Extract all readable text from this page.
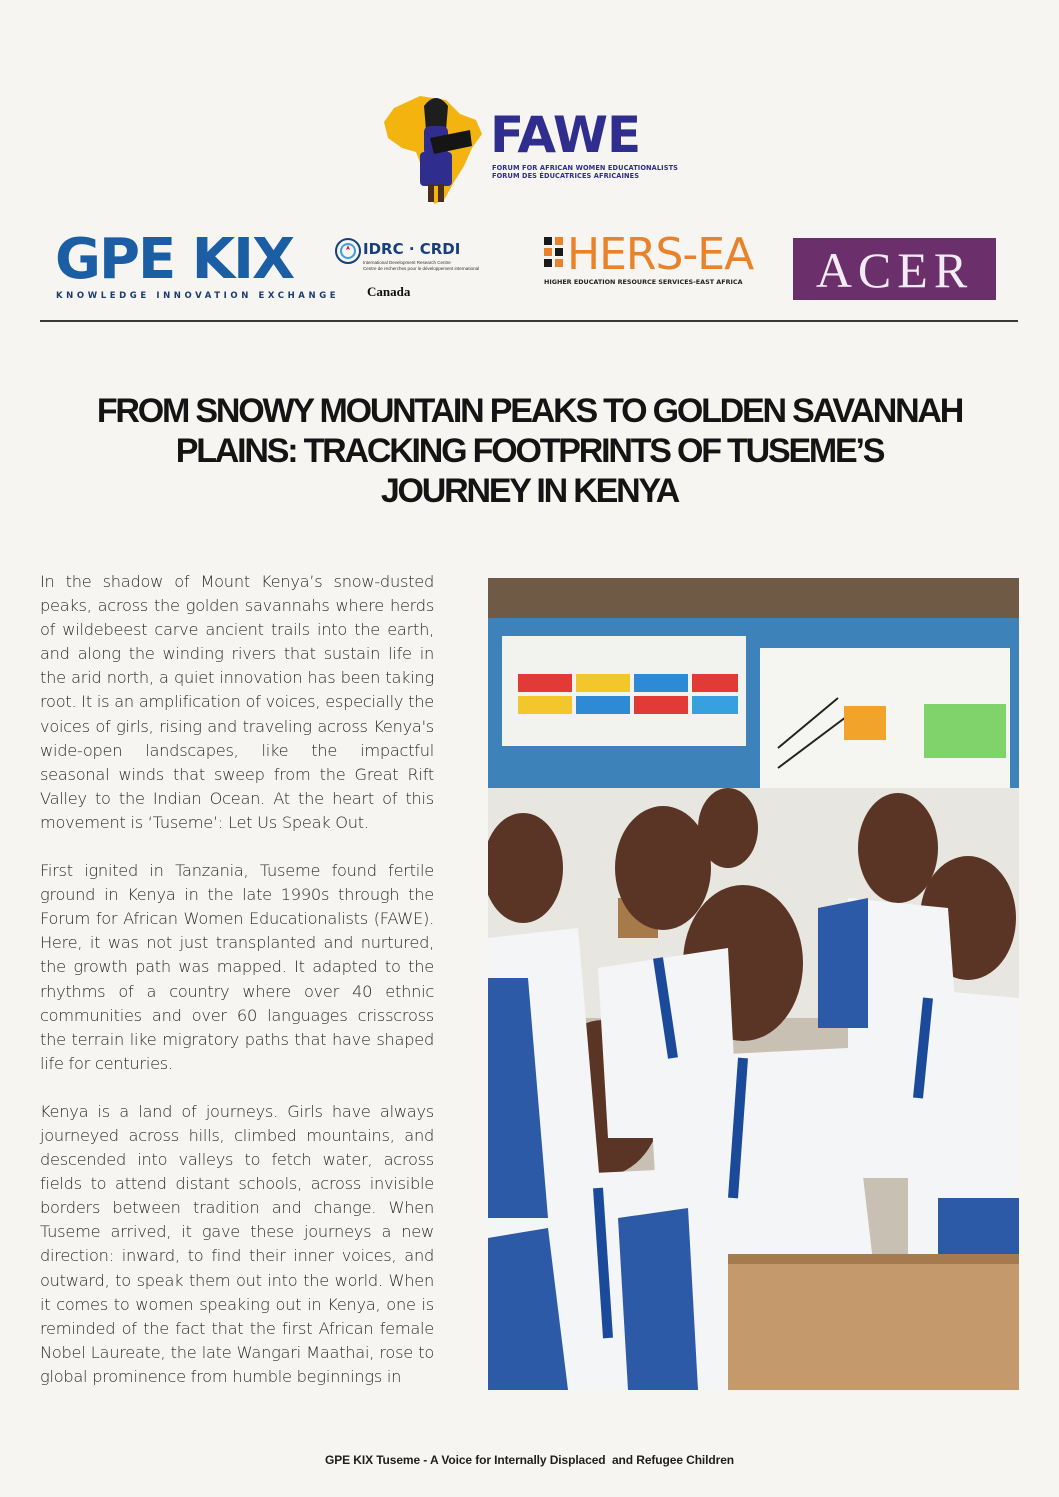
FAWE
FORUM FOR AFRICAN WOMEN EDUCATIONALISTS
FORUM DES ÉDUCATRICES AFRICAINES
GPE KIX
KNOWLEDGE INNOVATION EXCHANGE
IDRC · CRDI
International Development Research Centre
Centre de recherches pour le développement international
Canada
HERS-EA
HIGHER EDUCATION RESOURCE SERVICES-EAST AFRICA	ACER
FROM SNOWY MOUNTAIN PEAKS TO GOLDEN SAVANNAH
PLAINS: TRACKING FOOTPRINTS OF TUSEME’S
JOURNEY IN KENYA

In the shadow of Mount Kenya’s snow-dusted peaks, across the golden savannahs where herds of wildebeest carve ancient trails into the earth, and along the winding rivers that sustain life in the arid north, a quiet innovation has been taking root. It is an amplification of voices, especially the voices of girls, rising and traveling across Kenya's wide-open landscapes, like the impactful seasonal winds that sweep from the Great Rift Valley to the Indian Ocean. At the heart of this movement is ‘Tuseme’: Let Us Speak Out.

First ignited in Tanzania, Tuseme found fertile ground in Kenya in the late 1990s through the Forum for African Women Educationalists (FAWE). Here, it was not just transplanted and nurtured, the growth path was mapped. It adapted to the rhythms of a country where over 40 ethnic communities and over 60 languages crisscross the terrain like migratory paths that have shaped life for centuries.

Kenya is a land of journeys. Girls have always journeyed across hills, climbed mountains, and descended into valleys to fetch water, across fields to attend distant schools, across invisible borders between tradition and change. When Tuseme arrived, it gave these journeys a new direction: inward, to find their inner voices, and outward, to speak them out into the world. When it comes to women speaking out in Kenya, one is reminded of the fact that the first African female Nobel Laureate, the late Wangari Maathai, rose to global prominence from humble beginnings in

GPE KIX Tuseme - A Voice for Internally Displaced  and Refugee Children
